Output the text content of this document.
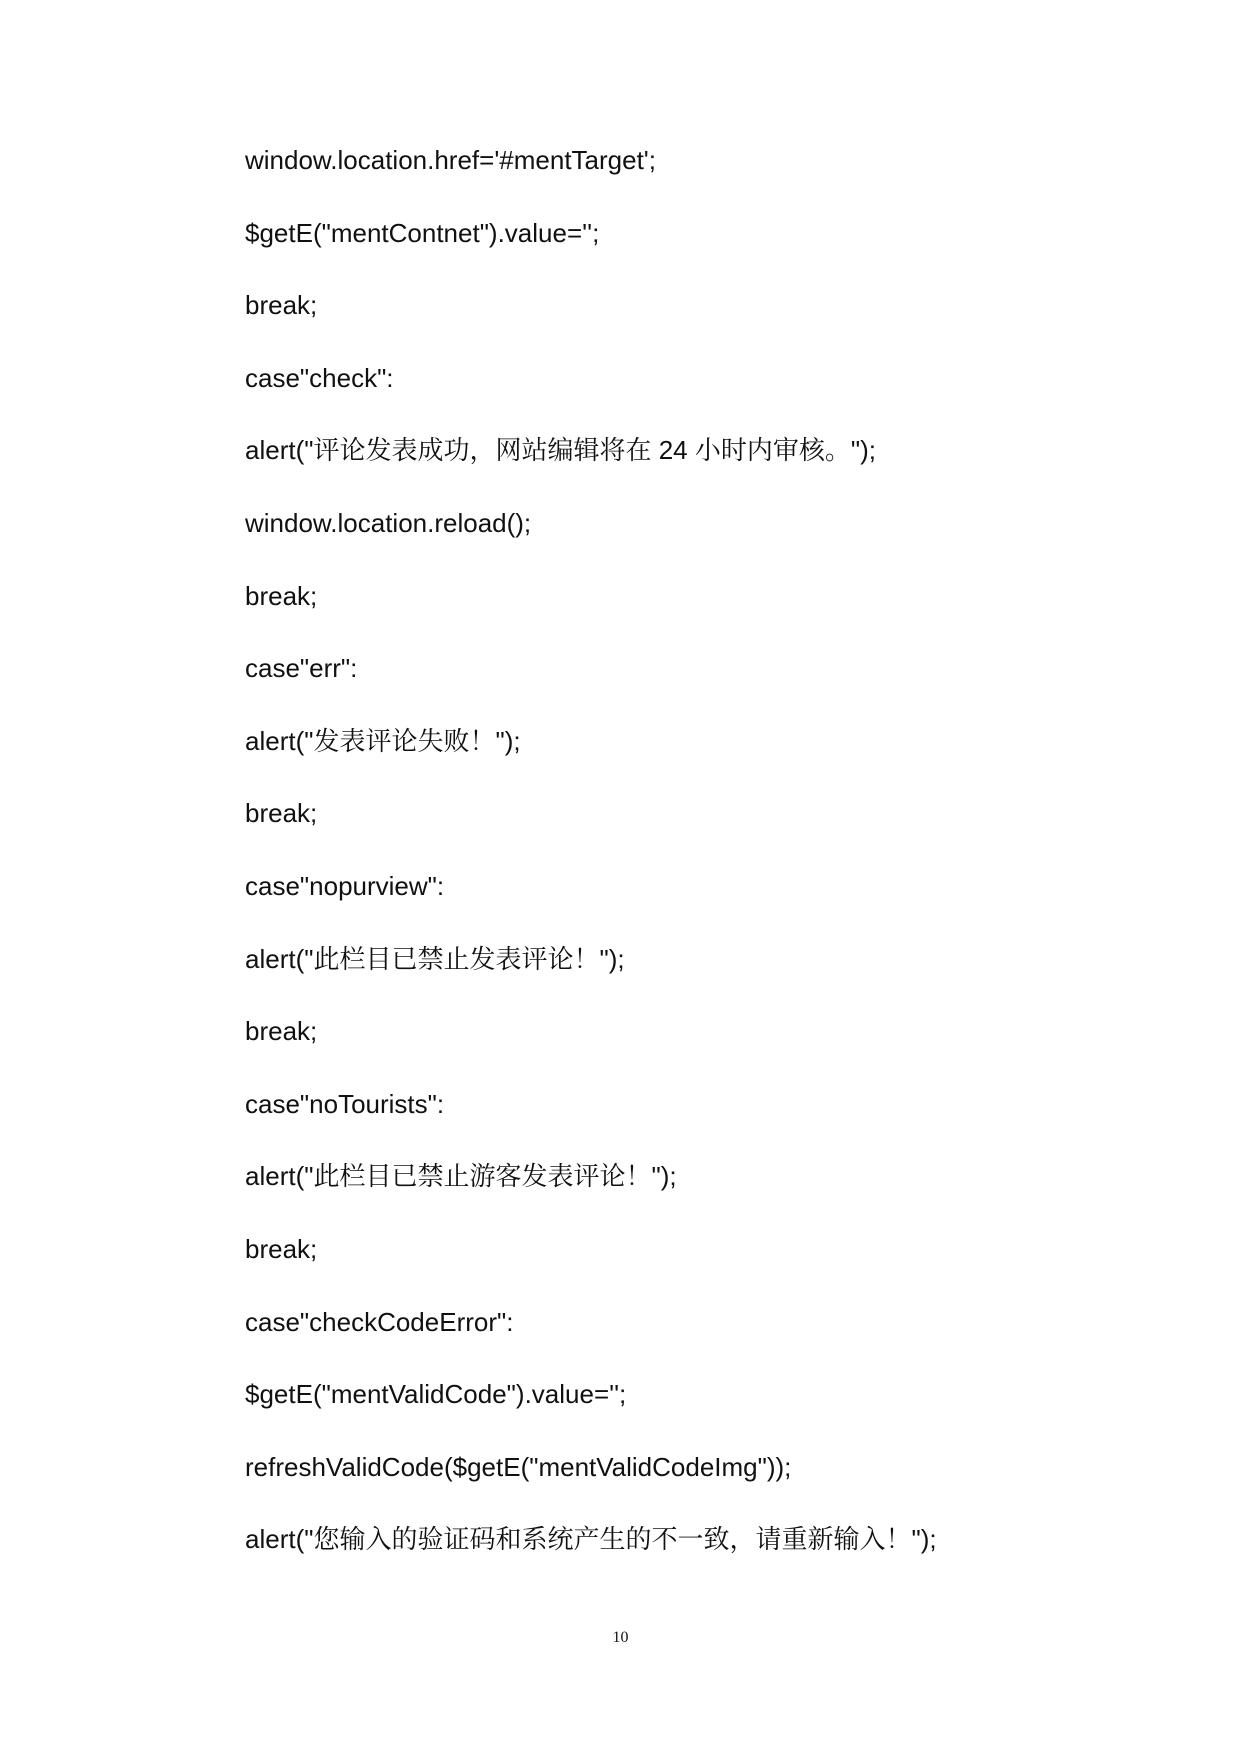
window.location.href='#mentTarget';
$getE("mentContnet").value='';
break;
case"check":
alert("评论发表成功，网站编辑将在 24 小时内审核。");
window.location.reload();
break;
case"err":
alert("发表评论失败！");
break;
case"nopurview":
alert("此栏目已禁止发表评论！");
break;
case"noTourists":
alert("此栏目已禁止游客发表评论！");
break;
case"checkCodeError":
$getE("mentValidCode").value='';
refreshValidCode($getE("mentValidCodeImg"));
alert("您输入的验证码和系统产生的不一致，请重新输入！");
10
